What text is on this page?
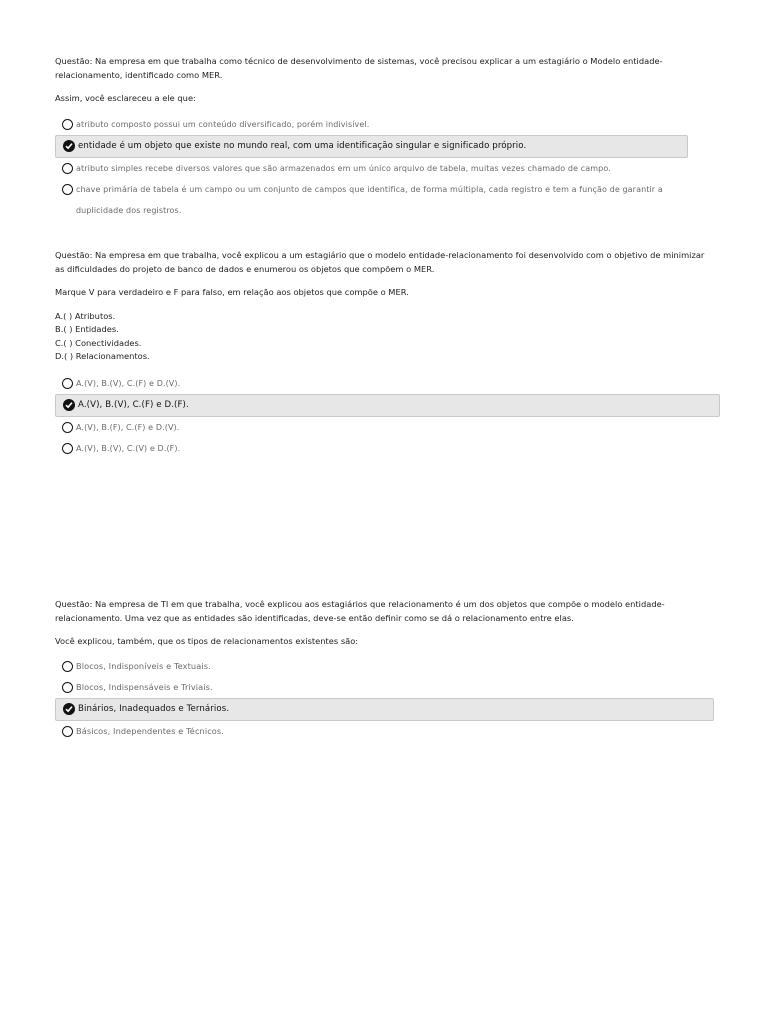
Questão: Na empresa em que trabalha como técnico de desenvolvimento de sistemas, você precisou explicar a um estagiário o Modelo entidade-relacionamento, identificado como MER.

Assim, você esclareceu a ele que:

atributo composto possui um conteúdo diversificado, porém indivisível.
entidade é um objeto que existe no mundo real, com uma identificação singular e significado próprio.
atributo simples recebe diversos valores que são armazenados em um único arquivo de tabela, muitas vezes chamado de campo.
chave primária de tabela é um campo ou um conjunto de campos que identifica, de forma múltipla, cada registro e tem a função de garantir a duplicidade dos registros.

Questão: Na empresa em que trabalha, você explicou a um estagiário que o modelo entidade-relacionamento foi desenvolvido com o objetivo de minimizar as dificuldades do projeto de banco de dados e enumerou os objetos que compõem o MER.

Marque V para verdadeiro e F para falso, em relação aos objetos que compõe o MER.

A.( ) Atributos.
B.( ) Entidades.
C.( ) Conectividades.
D.( ) Relacionamentos.
A.(V), B.(V), C.(F) e D.(V).
A.(V), B.(V), C.(F) e D.(F).
A.(V), B.(F), C.(F) e D.(V).
A.(V), B.(V), C.(V) e D.(F).

Questão: Na empresa de TI em que trabalha, você explicou aos estagiários que relacionamento é um dos objetos que compõe o modelo entidade-relacionamento. Uma vez que as entidades são identificadas, deve-se então definir como se dá o relacionamento entre elas.

Você explicou, também, que os tipos de relacionamentos existentes são:

Blocos, Indisponíveis e Textuais.
Blocos, Indispensáveis e Triviais.
Binários, Inadequados e Ternários.
Básicos, Independentes e Técnicos.
